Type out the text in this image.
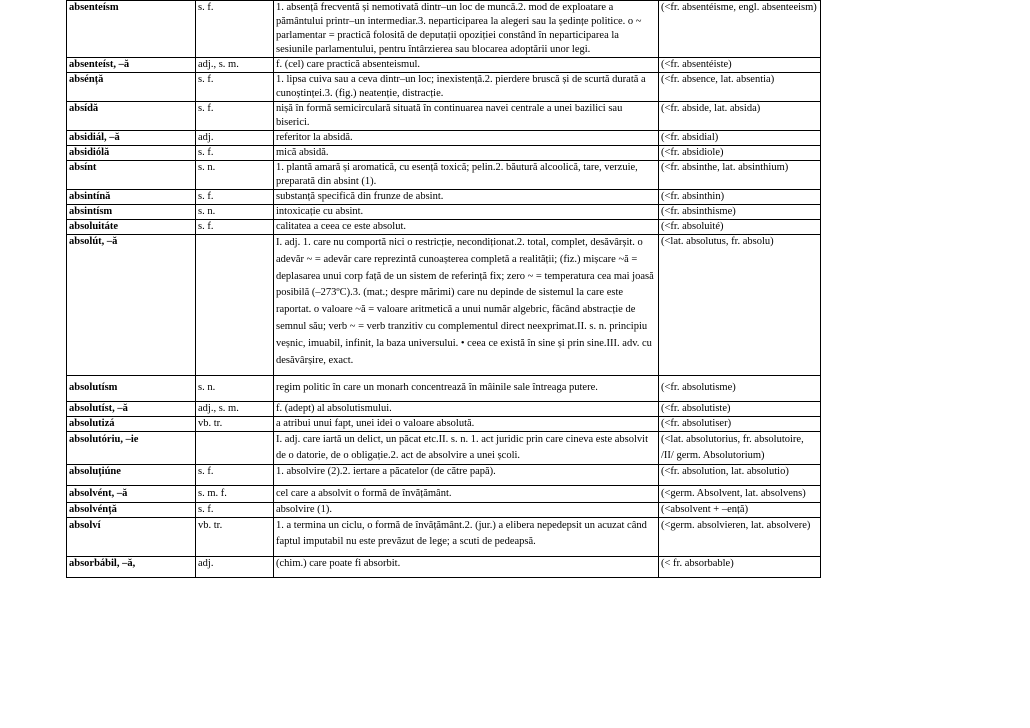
absenteísm	s. f.	1. absență frecventă și nemotivată dintr–un loc de muncă.2. mod de exploatare a pământului printr–un intermediar.3. neparticiparea la alegeri sau la ședințe politice. o ~ parlamentar = practică folosită de deputații opoziției constând în neparticiparea la sesiunile parlamentului, pentru întârzierea sau blocarea adoptării unor legi.	(<fr. absentéisme, engl. absenteeism)
absenteíst, –ă	adj., s. m.	f. (cel) care practică absenteismul.	(<fr. absentéiste)
absénță	s. f.	1. lipsa cuiva sau a ceva dintr–un loc; inexistență.2. pierdere bruscă și de scurtă durată a cunoștinței.3. (fig.) neatenție, distracție.	(<fr. absence, lat. absentia)
absídă	s. f.	nișă în formă semicirculară situată în continuarea navei centrale a unei bazilici sau biserici.	(<fr. abside, lat. absida)
absidiál, –ă	adj.	referitor la absidă.	(<fr. absidial)
absidiólă	s. f.	mică absidă.	(<fr. absidiole)
absínt	s. n.	1. plantă amară și aromatică, cu esență toxică; pelin.2. băutură alcoolică, tare, verzuie, preparată din absint (1).	(<fr. absinthe, lat. absinthium)
absintínă	s. f.	substanță specifică din frunze de absint.	(<fr. absinthin)
absintísm	s. n.	intoxicație cu absint.	(<fr. absinthisme)
absoluitáte	s. f.	calitatea a ceea ce este absolut.	(<fr. absoluité)
absolút, –ă		I. adj. 1. care nu comportă nici o restricție, necondiționat.2. total, complet, desăvârșit. o adevăr ~ = adevăr care reprezintă cunoașterea completă a realității; (fiz.) mișcare ~ă = deplasarea unui corp față de un sistem de referință fix; zero ~ = temperatura cea mai joasă posibilă (–273ºC).3. (mat.; despre mărimi) care nu depinde de sistemul la care este raportat. o valoare ~ă = valoare aritmetică a unui număr algebric, făcând abstracție de semnul său; verb ~ = verb tranzitiv cu complementul direct neexprimat.II. s. n. principiu veșnic, imuabil, infinit, la baza universului. • ceea ce există în sine și prin sine.III. adv. cu desăvârșire, exact.	(<lat. absolutus, fr. absolu)
absolutísm	s. n.	regim politic în care un monarh concentrează în mâinile sale întreaga putere.	(<fr. absolutisme)
absolutíst, –ă	adj., s. m.	f. (adept) al absolutismului.	(<fr. absolutiste)
absolutizá	vb. tr.	a atribui unui fapt, unei idei o valoare absolută.	(<fr. absolutiser)
absolutóriu, –ie		I. adj. care iartă un delict, un păcat etc.II. s. n. 1. act juridic prin care cineva este absolvit de o datorie, de o obligație.2. act de absolvire a unei școli.	(<lat. absolutorius, fr. absolutoire, /II/ germ. Absolutorium)
absoluțiúne	s. f.	1. absolvire (2).2. iertare a păcatelor (de către papă).	(<fr. absolution, lat. absolutio)
absolvént, –ă	s. m. f.	cel care a absolvit o formă de învățământ.	(<germ. Absolvent, lat. absolvens)
absolvénță	s. f.	absolvire (1).	(<absolvent + –ență)
absolví	vb. tr.	1. a termina un ciclu, o formă de învățământ.2. (jur.) a elibera nepedepsit un acuzat când faptul imputabil nu este prevăzut de lege; a scuti de pedeapsă.	(<germ. absolvieren, lat. absolvere)
absorbábil, –ă,	adj.	(chim.) care poate fi absorbit.	(< fr. absorbable)
